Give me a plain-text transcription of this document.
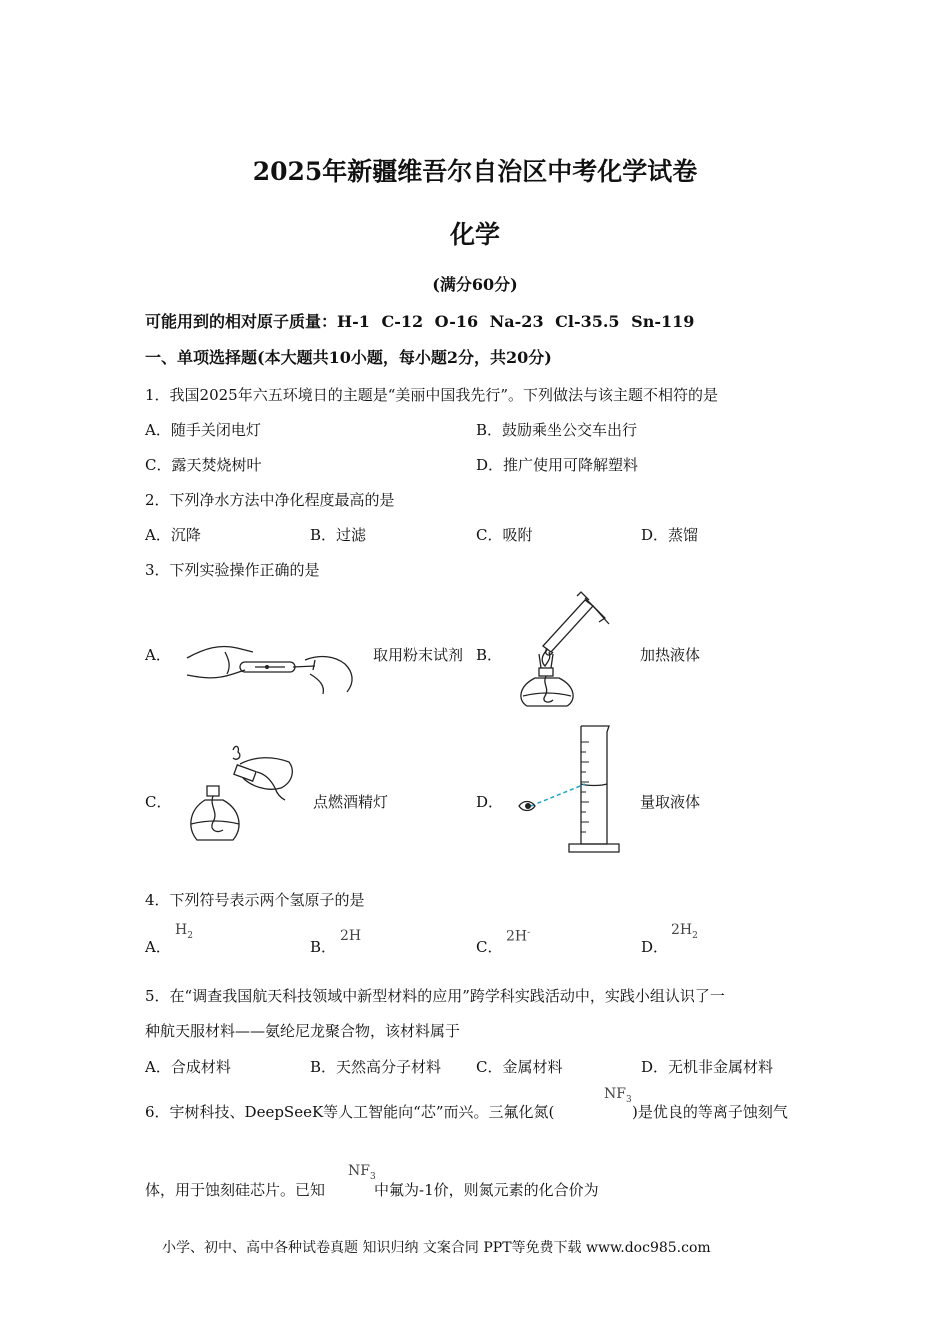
2025年新疆维吾尔自治区中考化学试卷
化学
(满分60分)
可能用到的相对原子质量：H-1 C-12 O-16 Na-23 Cl-35.5 Sn-119
一、单项选择题(本大题共10小题，每小题2分，共20分)
1．我国2025年六五环境日的主题是“美丽中国我先行”。下列做法与该主题不相符的是
A．随手关闭电灯	B．鼓励乘坐公交车出行
C．露天焚烧树叶	D．推广使用可降解塑料
2．下列净水方法中净化程度最高的是
A．沉降	B．过滤	C．吸附	D．蒸馏
3．下列实验操作正确的是
A．	取用粉末试剂 B．	加热液体
C．	点燃酒精灯	D．	量取液体
4．下列符号表示两个氢原子的是
A．
$H_2$
B．
2H
C．
2H-
D．
$2H_2$
5．在“调查我国航天科技领域中新型材料的应用”跨学科实践活动中，实践小组认识了一
种航天服材料——氨纶尼龙聚合物，该材料属于
A．合成材料	B．天然高分子材料 C．金属材料	D．无机非金属材料
6．宇树科技、DeepSeeK等人工智能向“芯”而兴。三氟化氮(
$NF_3$
)是优良的等离子蚀刻气
体，用于蚀刻硅芯片。已知
$NF_3$
中氟为-1价，则氮元素的化合价为
小学、初中、高中各种试卷真题 知识归纳 文案合同 PPT等免费下载 www.doc985.com
